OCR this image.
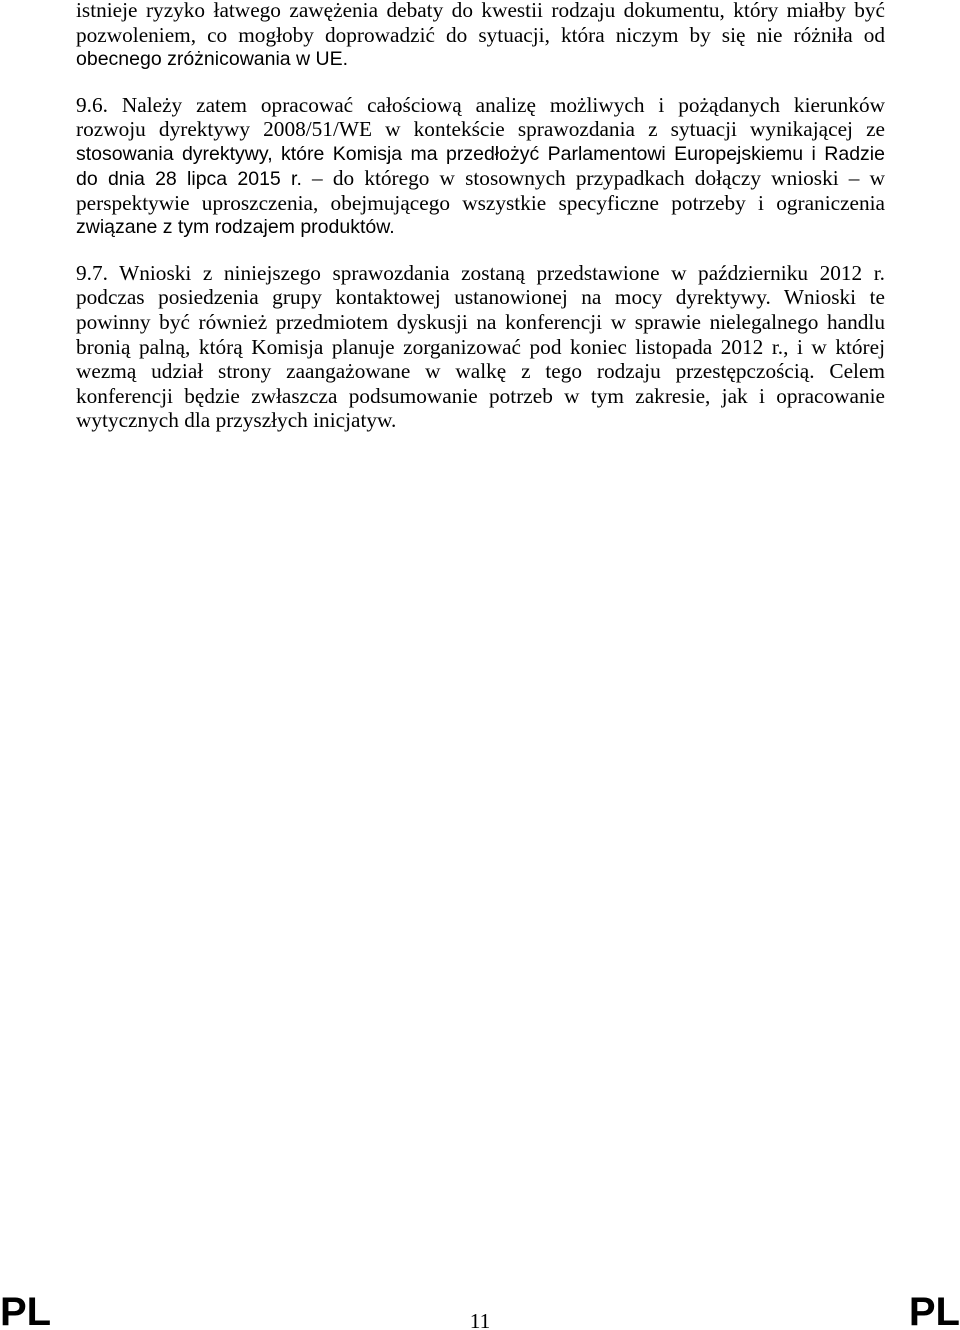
istnieje ryzyko łatwego zawężenia debaty do kwestii rodzaju dokumentu, który miałby być
pozwoleniem, co mogłoby doprowadzić do sytuacji, która niczym by się nie różniła od
obecnego zróżnicowania w UE.
9.6. Należy zatem opracować całościową analizę możliwych i pożądanych kierunków
rozwoju dyrektywy 2008/51/WE w kontekście sprawozdania z sytuacji wynikającej ze
stosowania dyrektywy, które Komisja ma przedłożyć Parlamentowi Europejskiemu i Radzie
do dnia 28 lipca 2015 r. – do którego w stosownych przypadkach dołączy wnioski – w
perspektywie uproszczenia, obejmującego wszystkie specyficzne potrzeby i ograniczenia
związane z tym rodzajem produktów.
9.7. Wnioski z niniejszego sprawozdania zostaną przedstawione w październiku 2012 r.
podczas posiedzenia grupy kontaktowej ustanowionej na mocy dyrektywy. Wnioski te
powinny być również przedmiotem dyskusji na konferencji w sprawie nielegalnego handlu
bronią palną, którą Komisja planuje zorganizować pod koniec listopada 2012 r., i w której
wezmą udział strony zaangażowane w walkę z tego rodzaju przestępczością. Celem
konferencji będzie zwłaszcza podsumowanie potrzeb w tym zakresie, jak i opracowanie
wytycznych dla przyszłych inicjatyw.
PL	11	PL
